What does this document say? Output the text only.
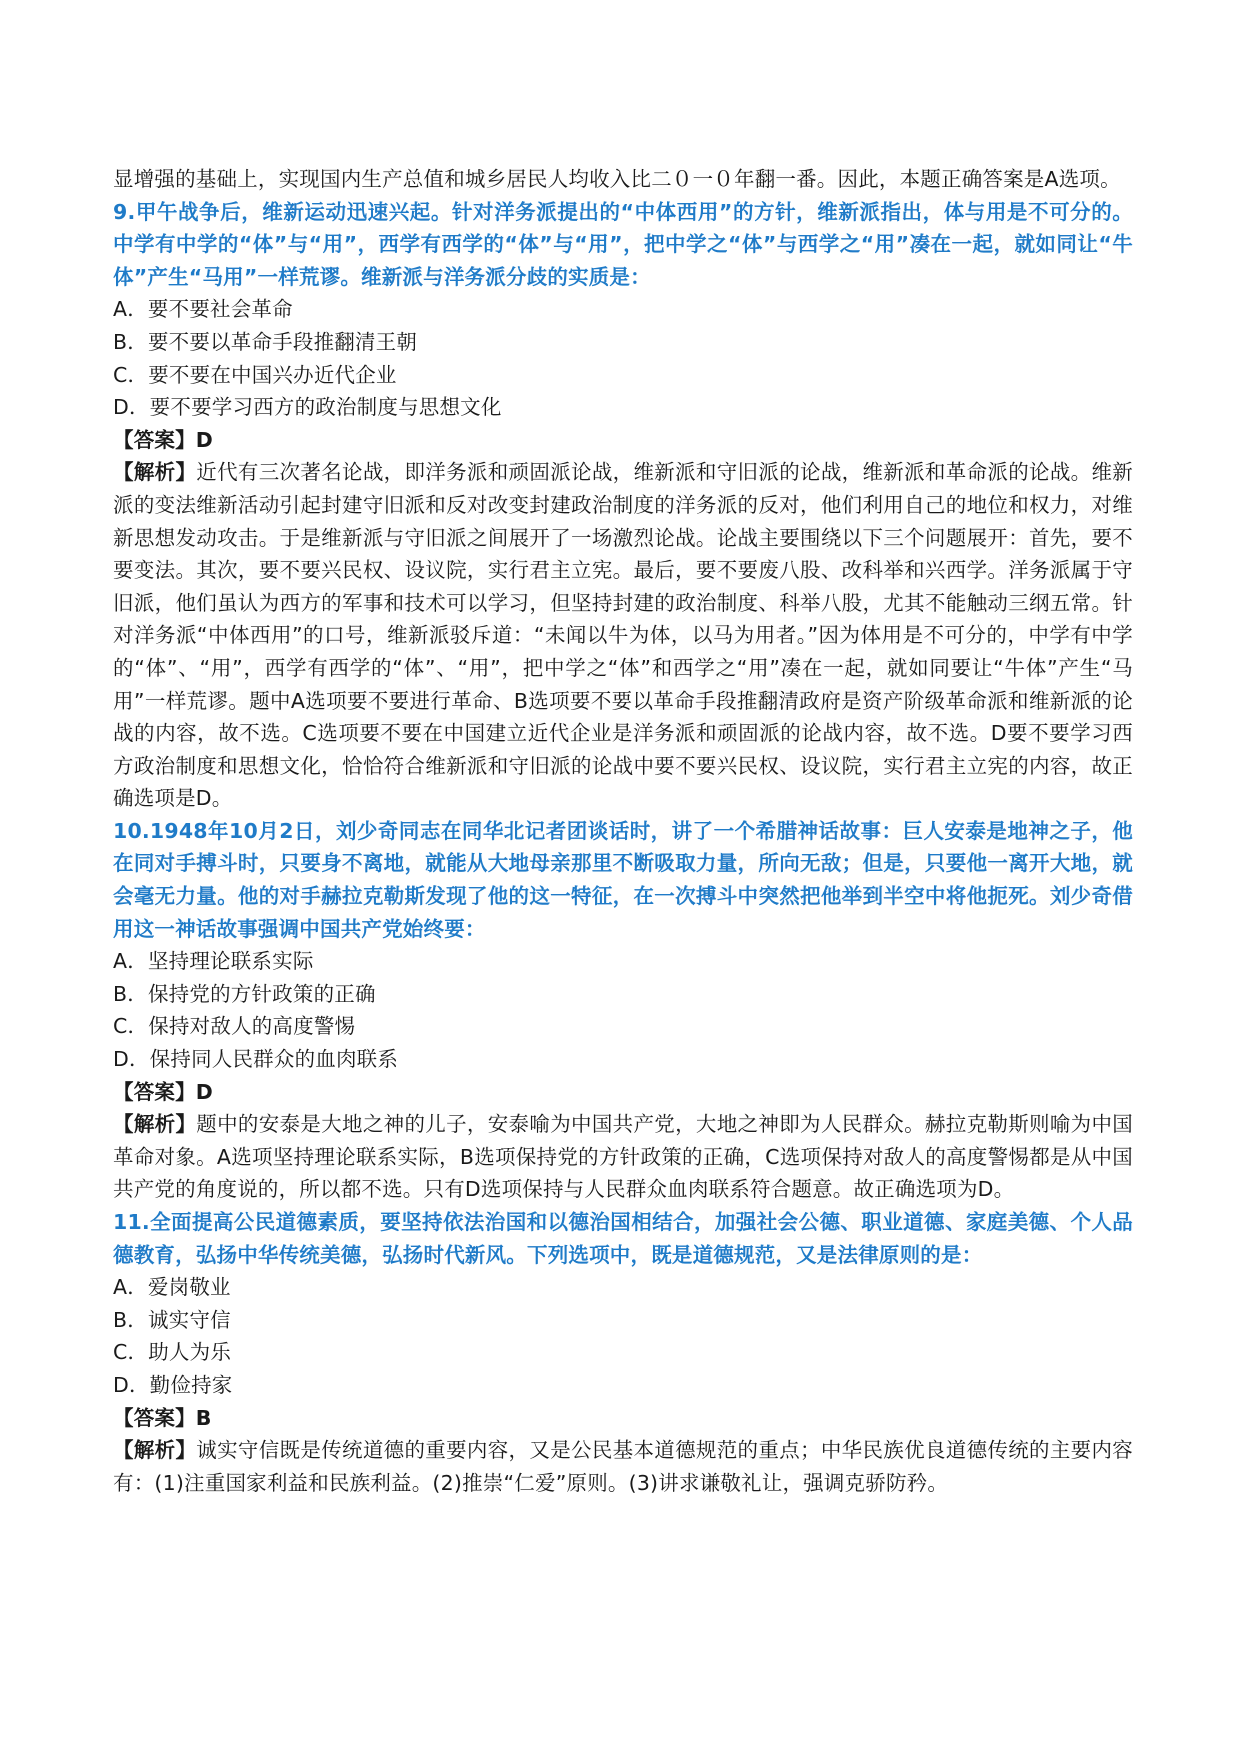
显增强的基础上，实现国内生产总值和城乡居民人均收入比二０一０年翻一番。因此，本题正确答案是A选项。

9.甲午战争后，维新运动迅速兴起。针对洋务派提出的“中体西用”的方针，维新派指出，体与用是不可分的。中学有中学的“体”与“用”，西学有西学的“体”与“用”，把中学之“体”与西学之“用”凑在一起，就如同让“牛体”产生“马用”一样荒谬。维新派与洋务派分歧的实质是：

A．要不要社会革命

B．要不要以革命手段推翻清王朝

C．要不要在中国兴办近代企业

D．要不要学习西方的政治制度与思想文化

【答案】D

【解析】近代有三次著名论战，即洋务派和顽固派论战，维新派和守旧派的论战，维新派和革命派的论战。维新派的变法维新活动引起封建守旧派和反对改变封建政治制度的洋务派的反对，他们利用自己的地位和权力，对维新思想发动攻击。于是维新派与守旧派之间展开了一场激烈论战。论战主要围绕以下三个问题展开：首先，要不要变法。其次，要不要兴民权、设议院，实行君主立宪。最后，要不要废八股、改科举和兴西学。洋务派属于守旧派，他们虽认为西方的军事和技术可以学习，但坚持封建的政治制度、科举八股，尤其不能触动三纲五常。针对洋务派“中体西用”的口号，维新派驳斥道：“未闻以牛为体，以马为用者。”因为体用是不可分的，中学有中学的“体”、“用”，西学有西学的“体”、“用”，把中学之“体”和西学之“用”凑在一起，就如同要让“牛体”产生“马用”一样荒谬。题中A选项要不要进行革命、B选项要不要以革命手段推翻清政府是资产阶级革命派和维新派的论战的内容，故不选。C选项要不要在中国建立近代企业是洋务派和顽固派的论战内容，故不选。D要不要学习西方政治制度和思想文化，恰恰符合维新派和守旧派的论战中要不要兴民权、设议院，实行君主立宪的内容，故正确选项是D。

10.1948年10月2日，刘少奇同志在同华北记者团谈话时，讲了一个希腊神话故事：巨人安泰是地神之子，他在同对手搏斗时，只要身不离地，就能从大地母亲那里不断吸取力量，所向无敌；但是，只要他一离开大地，就会毫无力量。他的对手赫拉克勒斯发现了他的这一特征，在一次搏斗中突然把他举到半空中将他扼死。刘少奇借用这一神话故事强调中国共产党始终要：

A．坚持理论联系实际

B．保持党的方针政策的正确

C．保持对敌人的高度警惕

D．保持同人民群众的血肉联系

【答案】D

【解析】题中的安泰是大地之神的儿子，安泰喻为中国共产党，大地之神即为人民群众。赫拉克勒斯则喻为中国革命对象。A选项坚持理论联系实际，B选项保持党的方针政策的正确，C选项保持对敌人的高度警惕都是从中国共产党的角度说的，所以都不选。只有D选项保持与人民群众血肉联系符合题意。故正确选项为D。

11.全面提高公民道德素质，要坚持依法治国和以德治国相结合，加强社会公德、职业道德、家庭美德、个人品德教育，弘扬中华传统美德，弘扬时代新风。下列选项中，既是道德规范，又是法律原则的是：

A．爱岗敬业

B．诚实守信

C．助人为乐

D．勤俭持家

【答案】B

【解析】诚实守信既是传统道德的重要内容，又是公民基本道德规范的重点；中华民族优良道德传统的主要内容有：(1)注重国家利益和民族利益。(2)推崇“仁爱”原则。(3)讲求谦敬礼让，强调克骄防矜。
